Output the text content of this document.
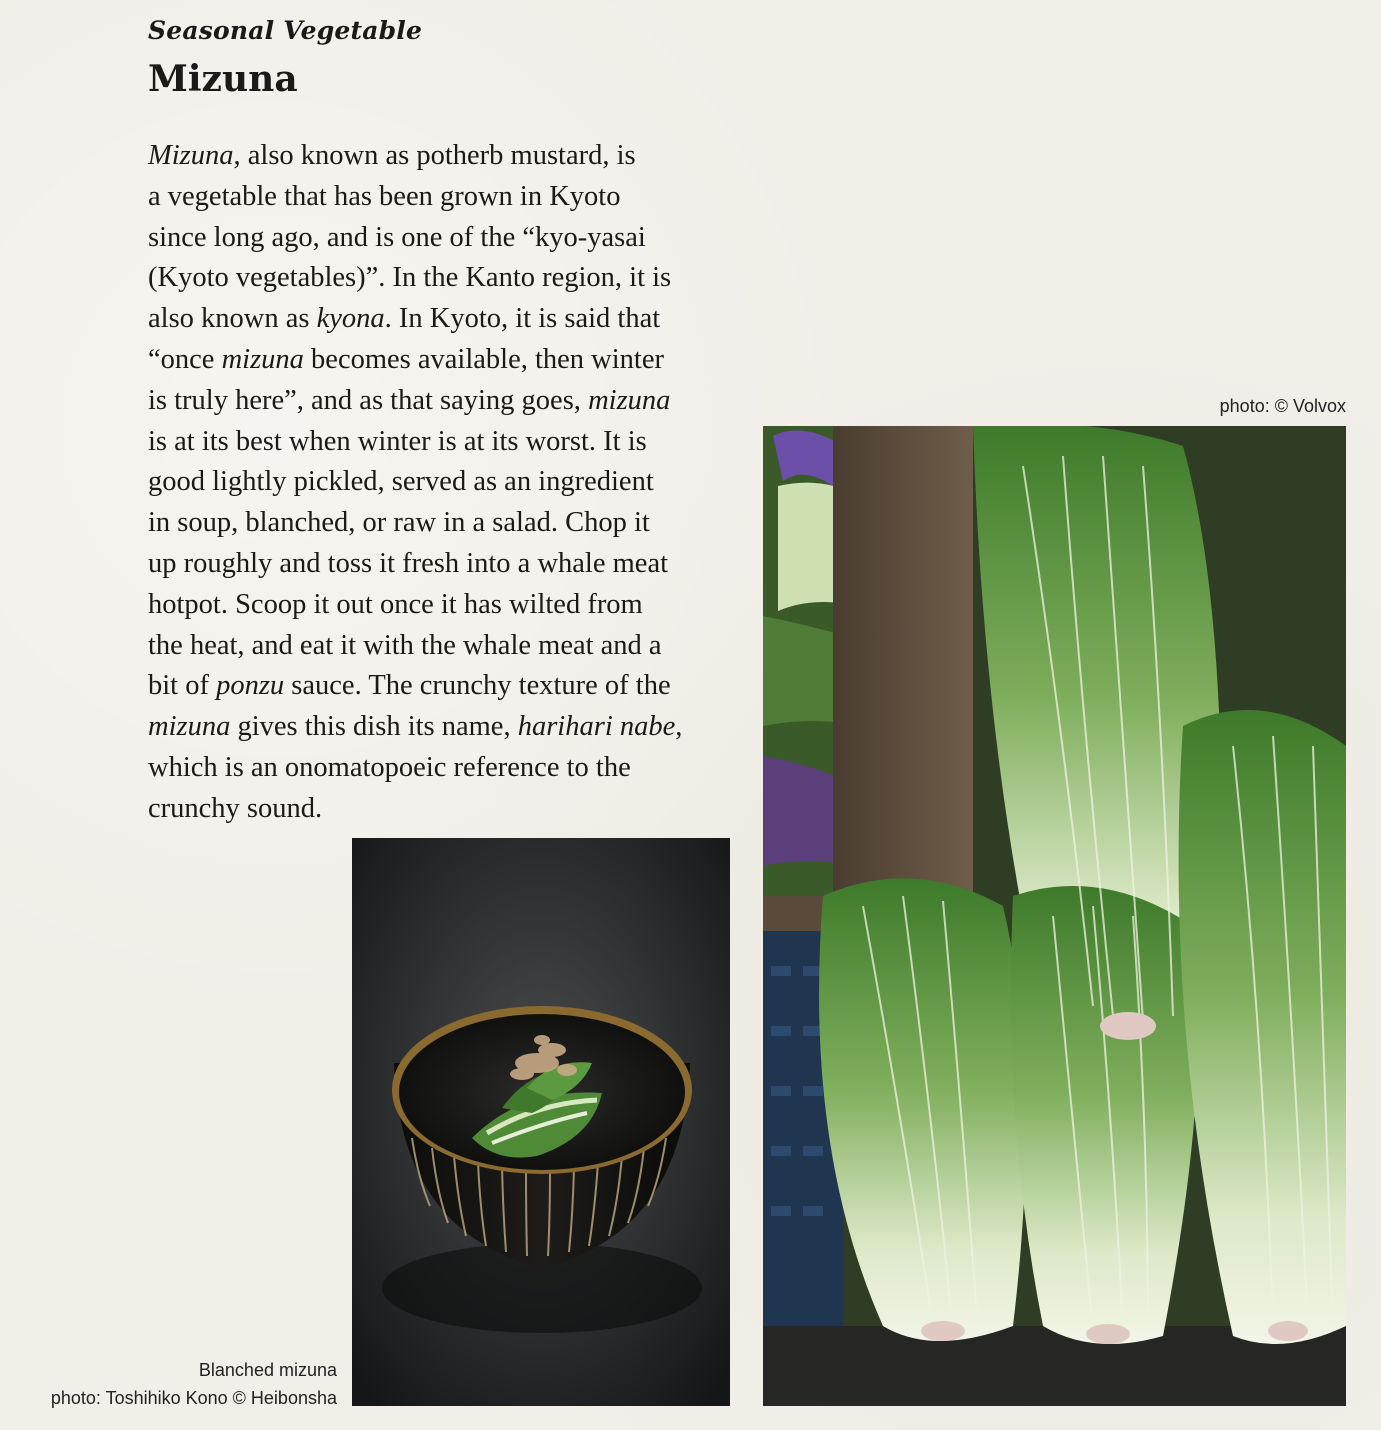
Seasonal Vegetable
Mizuna

Mizuna, also known as potherb mustard, is
a vegetable that has been grown in Kyoto
since long ago, and is one of the “kyo-yasai
(Kyoto vegetables)”. In the Kanto region, it is
also known as kyona. In Kyoto, it is said that
“once mizuna becomes available, then winter
is truly here”, and as that saying goes, mizuna
is at its best when winter is at its worst. It is
good lightly pickled, served as an ingredient
in soup, blanched, or raw in a salad. Chop it
up roughly and toss it fresh into a whale meat
hotpot. Scoop it out once it has wilted from
the heat, and eat it with the whale meat and a
bit of ponzu sauce. The crunchy texture of the
mizuna gives this dish its name, harihari nabe,
which is an onomatopoeic reference to the
crunchy sound.

Blanched mizuna
photo: Toshihiko Kono © Heibonsha
photo: © Volvox
